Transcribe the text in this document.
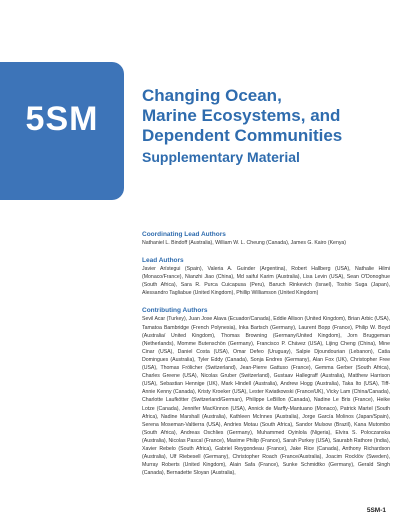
5SM
Changing Ocean,
Marine Ecosystems, and
Dependent Communities
Supplementary Material
Coordinating Lead Authors
Nathaniel L. Bindoff (Australia), William W. L. Cheung (Canada), James G. Kairo (Kenya)
Lead Authors
Javier Arístegui (Spain), Valeria A. Guinder (Argentina), Robert Hallberg (USA), Nathalie Hilmi (Monaco/France), Nianzhi Jiao (China), Md saiful Karim (Australia), Lisa Levin (USA), Sean O'Donoghue (South Africa), Sara R. Purca Cuicapusa (Peru), Baruch Rinkevich (Israel), Toshio Suga (Japan), Alessandro Tagliabue (United Kingdom), Phillip Williamson (United Kingdom)
Contributing Authors
Sevil Acar (Turkey), Juan Jose Alava (Ecuador/Canada), Eddie Allison (United Kingdom), Brian Arbic (USA), Tamatoa Bambridge (French Polynesia), Inka Bartsch (Germany), Laurent Bopp (France), Philip W. Boyd (Australia/ United Kingdom), Thomas Browning (Germany/United Kingdom), Jorn Bruggeman (Netherlands), Momme Butenschön (Germany), Francisco P. Chávez (USA), Lijing Cheng (China), Mine Cinar (USA), Daniel Costa (USA), Omar Defeo (Uruguay), Salpie Djoundourian (Lebanon), Catia Domingues (Australia), Tyler Eddy (Canada), Sonja Endres (Germany), Alan Fox (UK), Christopher Free (USA), Thomas Frölicher (Switzerland), Jean-Pierre Gattuso (France), Gemma Gerber (South Africa), Charles Greene (USA), Nicolas Gruber (Switzerland), Gustaav Hallegraff (Australia), Matthew Harrison (USA), Sebastian Hennige (UK), Mark Hindell (Australia), Andrew Hogg (Australia), Taka Ito (USA), Tiff-Annie Kenny (Canada), Kristy Kroeker (USA), Lester Kwiatkowski (France/UK), Vicky Lam (China/Canada), Charlotte Laufkötter (Switzerland/German), Philippe LeBillon (Canada), Nadine Le Bris (France), Heike Lotze (Canada), Jennifer MacKinnon (USA), Annick de Marffy-Mantuano (Monaco), Patrick Martel (South Africa), Nadine Marshall (Australia), Kathleen McInnes (Australia), Jorge García Molinos (Japan/Spain), Serena Moseman-Valtierra (USA), Andries Motau (South Africa), Sandor Mulsow (Brazil), Kana Mutombo (South Africa), Andreas Oschlies (Germany), Muhammed Oyinlola (Nigeria), Elvira S. Poloczanska (Australia), Nicolas Pascal (France), Maxime Philip (France), Sarah Purkey (USA), Saurabh Rathore (India), Xavier Rebelo (South Africa), Gabriel Reygondeau (France), Jake Rice (Canada), Anthony Richardson (Australia), Ulf Riebesell (Germany), Christopher Roach (France/Australia), Joacim Rocklöv (Sweden), Murray Roberts (United Kingdom), Alain Safa (France), Sunke Schmidtko (Germany), Gerald Singh (Canada), Bernadette Sloyan (Australia),
5SM-1
